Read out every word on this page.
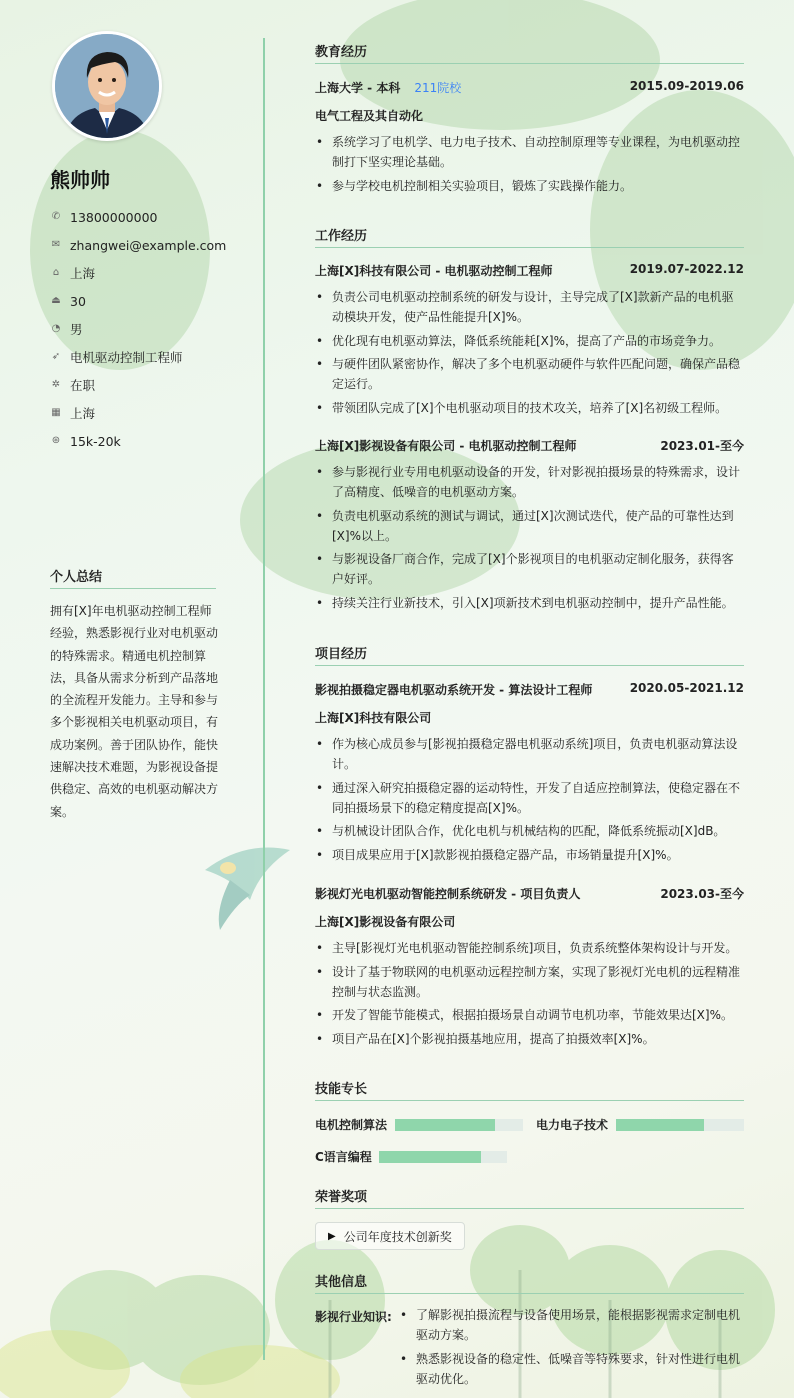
熊帅帅
✆ 13800000000
✉ zhangwei@example.com
⌂ 上海
⏏ 30
◔ 男
➶ 电机驱动控制工程师
✲ 在职
▦ 上海
⊛ 15k-20k
个人总结
拥有[X]年电机驱动控制工程师经验，熟悉影视行业对电机驱动的特殊需求。精通电机控制算法，具备从需求分析到产品落地的全流程开发能力。主导和参与多个影视相关电机驱动项目，有成功案例。善于团队协作，能快速解决技术难题，为影视设备提供稳定、高效的电机驱动解决方案。
教育经历
上海大学 - 本科 211院校	2015.09-2019.06
电气工程及其自动化
• 系统学习了电机学、电力电子技术、自动控制原理等专业课程，为电机驱动控制打下坚实理论基础。
• 参与学校电机控制相关实验项目，锻炼了实践操作能力。
工作经历
上海[X]科技有限公司 - 电机驱动控制工程师	2019.07-2022.12
• 负责公司电机驱动控制系统的研发与设计，主导完成了[X]款新产品的电机驱动模块开发，使产品性能提升[X]%。
• 优化现有电机驱动算法，降低系统能耗[X]%，提高了产品的市场竞争力。
• 与硬件团队紧密协作，解决了多个电机驱动硬件与软件匹配问题，确保产品稳定运行。
• 带领团队完成了[X]个电机驱动项目的技术攻关，培养了[X]名初级工程师。
上海[X]影视设备有限公司 - 电机驱动控制工程师	2023.01-至今
• 参与影视行业专用电机驱动设备的开发，针对影视拍摄场景的特殊需求，设计了高精度、低噪音的电机驱动方案。
• 负责电机驱动系统的测试与调试，通过[X]次测试迭代，使产品的可靠性达到[X]%以上。
• 与影视设备厂商合作，完成了[X]个影视项目的电机驱动定制化服务，获得客户好评。
• 持续关注行业新技术，引入[X]项新技术到电机驱动控制中，提升产品性能。
项目经历
影视拍摄稳定器电机驱动系统开发 - 算法设计工程师	2020.05-2021.12
上海[X]科技有限公司
• 作为核心成员参与[影视拍摄稳定器电机驱动系统]项目，负责电机驱动算法设计。
• 通过深入研究拍摄稳定器的运动特性，开发了自适应控制算法，使稳定器在不同拍摄场景下的稳定精度提高[X]%。
• 与机械设计团队合作，优化电机与机械结构的匹配，降低系统振动[X]dB。
• 项目成果应用于[X]款影视拍摄稳定器产品，市场销量提升[X]%。
影视灯光电机驱动智能控制系统研发 - 项目负责人	2023.03-至今
上海[X]影视设备有限公司
• 主导[影视灯光电机驱动智能控制系统]项目，负责系统整体架构设计与开发。
• 设计了基于物联网的电机驱动远程控制方案，实现了影视灯光电机的远程精准控制与状态监测。
• 开发了智能节能模式，根据拍摄场景自动调节电机功率，节能效果达[X]%。
• 项目产品在[X]个影视拍摄基地应用，提高了拍摄效率[X]%。
技能专长
电机控制算法	电力电子技术
C语言编程
荣誉奖项
▶ 公司年度技术创新奖
其他信息
影视行业知识:
•	了解影视拍摄流程与设备使用场景，能根据影视需求定制电机驱动方案。
• 熟悉影视设备的稳定性、低噪音等特殊要求，针对性进行电机驱动优化。
